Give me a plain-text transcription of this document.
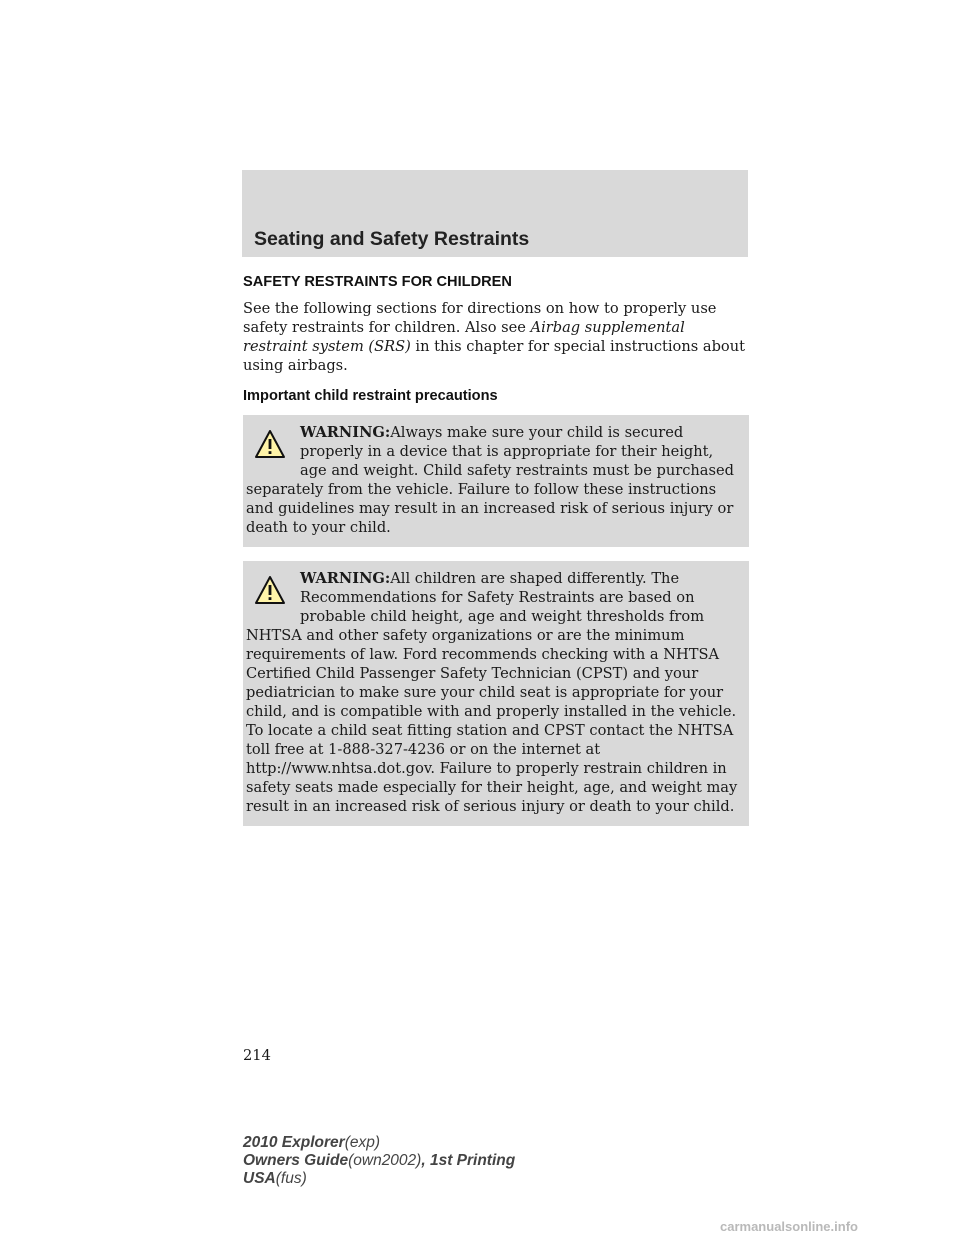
Seating and Safety Restraints
SAFETY RESTRAINTS FOR CHILDREN

See the following sections for directions on how to properly use safety restraints for children. Also see Airbag supplemental restraint system (SRS) in this chapter for special instructions about using airbags.

Important child restraint precautions
WARNING:Always make sure your child is secured properly in a device that is appropriate for their height, age and weight. Child safety restraints must be purchased separately from the vehicle. Failure to follow these instructions and guidelines may result in an increased risk of serious injury or death to your child.
WARNING:All children are shaped differently. The Recommendations for Safety Restraints are based on probable child height, age and weight thresholds from NHTSA and other safety organizations or are the minimum requirements of law. Ford recommends checking with a NHTSA Certified Child Passenger Safety Technician (CPST) and your pediatrician to make sure your child seat is appropriate for your child, and is compatible with and properly installed in the vehicle. To locate a child seat fitting station and CPST contact the NHTSA toll free at 1-888-327-4236 or on the internet at http://www.nhtsa.dot.gov. Failure to properly restrain children in safety seats made especially for their height, age, and weight may result in an increased risk of serious injury or death to your child.
214
2010 Explorer(exp)
Owners Guide(own2002), 1st Printing
USA(fus)
carmanualsonline.info
